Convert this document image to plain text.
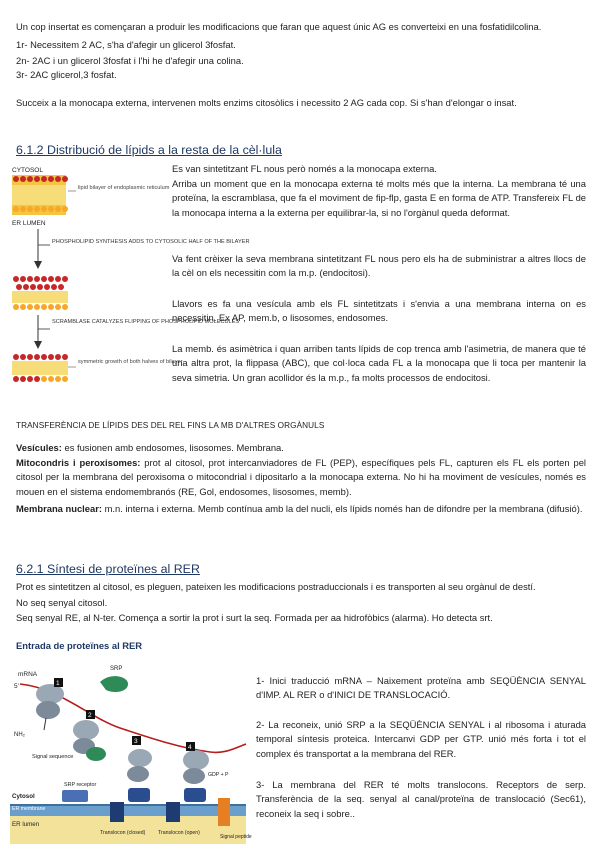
Un cop insertat es començaran a produir les modificacions que faran que aquest únic AG es converteixi en una fosfatidilcolina.
1r- Necessitem 2 AC, s'ha d'afegir un glicerol 3fosfat.
2n- 2AC i un glicerol 3fosfat i l'hi he d'afegir una colina.
3r- 2AC glicerol,3 fosfat.
Succeix a la monocapa externa, intervenen molts enzims citosòlics i necessito 2 AG cada cop. Si s'han d'elongar o insat.
6.1.2 Distribució de lípids a la resta de la cèl·lula
CYTOSOL
ER LUMEN
lipid bilayer of endoplasmic reticulum
PHOSPHOLIPID SYNTHESIS ADDS TO CYTOSOLIC HALF OF THE BILAYER
SCRAMBLASE CATALYZES FLIPPING OF PHOSPHOLIPID MOLECULES
symmetric growth of both halves of bilayer
Es van sintetitzant FL nous però només a la monocapa externa.
Arriba un moment que en la monocapa externa té molts més que la interna. La membrana té una proteïna, la escramblasa, que fa el moviment de fip-flp, gasta E en forma de ATP. Transfereix FL de la monocapa interna a la externa per equilibrar-la, si no l'orgànul queda deformat.
Va fent crèixer la seva membrana sintetitzant FL nous pero els ha de subministrar a altres llocs de la cèl on els necessitin com la m.p. (endocitosi).
Llavors es fa una vesícula amb els FL sintetitzats i s'envia a una membrana interna on es necessitin. Ex AP, mem.b, o lisosomes, endosomes.
La memb. és asimètrica i quan arriben tants lípids de cop trenca amb l'asimetria, de manera que té una altra prot, la flippasa (ABC), que col·loca cada FL a la monocapa que li toca per mantenir la seva simetria. Un gran acollidor és la m.p., fa molts processos de endocitosi.
TRANSFERÈNCIA DE LÍPIDS DES DEL REL FINS LA MB D'ALTRES ORGÀNULS
Vesícules: es fusionen amb endosomes, lisosomes. Membrana.
Mitocondris i peroxisomes: prot al citosol, prot intercanviadores de FL (PEP), específiques pels FL, capturen els FL els porten pel citosol per la membrana del peroxisoma o mitocondrial i dipositarlo a la monocapa externa. No hi ha moviment de vesícules, només es mouen en el sistema endomembranós (RE, Gol, endosomes, lisosomes, memb).
Membrana nuclear: m.n. interna i externa. Memb contínua amb la del nucli, els lípids només han de difondre per la membrana (difusió).
6.2.1 Síntesi de proteïnes al RER
Prot es sintetitzen al citosol, es pleguen, pateixen les modificacions postraduccionals i es transporten al seu orgànul de destí.
No seq senyal citosol.
Seq senyal RE, al N-ter. Comença a sortir la prot i surt la seq. Formada per aa hidrofòbics (alarma). Ho detecta srt.
Entrada de proteïnes al RER
mRNA
5'	1
NH₂
2
Signal sequence
SRP
3
4
GDP + P
SRP receptor
Cytosol
ER membrane
ER lumen
Translocon (closed) Translocon (open)
Signal peptide
1- Inici traducció mRNA – Naixement proteïna amb SEQÜÈNCIA SENYAL d'IMP. AL RER o d'INICI DE TRANSLOCACIÓ.
2- La reconeix, unió SRP a la SEQÜÈNCIA SENYAL i al ribosoma i aturada temporal síntesis proteica. Intercanvi GDP per GTP. unió més forta i tot el complex és transportat a la membrana del RER.
3- La membrana del RER té molts translocons. Receptors de serp. Transferència de la seq. senyal al canal/proteïna de translocació (Sec61), reconeix la seq i sobre..
